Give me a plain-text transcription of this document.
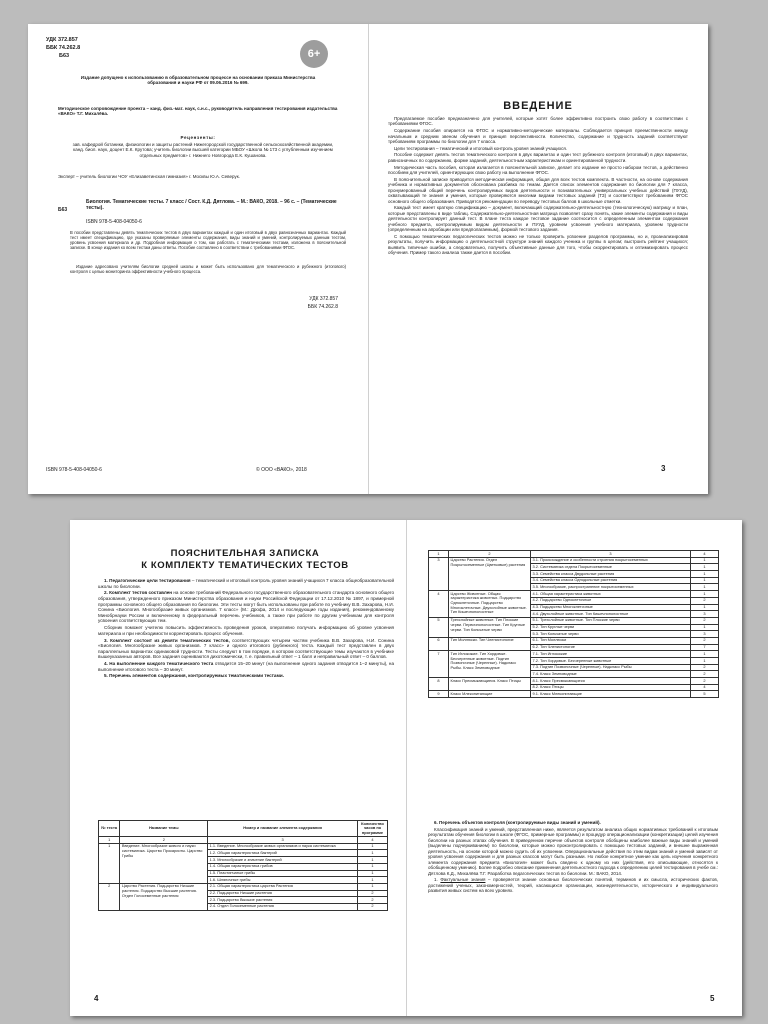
УДК 372.857
ББК 74.262.8
Б63	6+
Издание допущено к использованию в образовательном процессе на основании приказа Министерства образования и науки РФ от 09.06.2016 № 699.
Методическое сопровождение проекта – канд. физ.-мат. наук, с.н.с., руководитель направления тестирования издательства «ВАКО» Т.Г. Михалёва.
Рецензенты:
зав. кафедрой ботаники, физиологии и защиты растений Нижегородской государственной сельскохозяйственной академии, канд. биол. наук, доцент Е.К. Крутова; учитель биологии высшей категории МБОУ «Школа № 173 с углубленным изучением отдельных предметов» г. Нижнего Новгорода Е.К. Кушанова.
Эксперт – учитель биологии ЧОУ «Елизаветинская гимназия» г. Москвы Ю.А. Северук.
Биология. Тематические тесты. 7 класс / Сост. К.Д. Дятлова. – М.: ВАКО, 2018. – 96 с. – (Тематические тесты).
Б63
ISBN 978-5-408-04050-6
В пособии представлены девять тематических тестов в двух вариантах каждый и один итоговый в двух равнозначных вариантах. Каждый тест имеет спецификацию, где указаны проверяемые элементы содержания, виды знаний и умений, контролируемых данным тестом, уровень усвоения материала и др. Подробная информация о том, как работать с тематическими тестами, изложена в пояснительной записке. В конце издания ко всем тестам даны ответы. Пособие составлено в соответствии с требованиями ФГОС.
Издание адресовано учителям биологии средней школы и может быть использовано для тематического и рубежного (итогового) контроля с целью мониторинга эффективности учебного процесса.
УДК 372.857
ББК 74.262.8
ISBN 978-5-408-04050-6	© ООО «ВАКО», 2018
ВВЕДЕНИЕ
Предлагаемое пособие предназначено для учителей, которые хотят более эффективно построить свою работу в соответствии с требованиями ФГОС.
Содержание пособия опирается на ФГОС и нормативно-методические материалы. Соблюдается принцип преемственности между начальным и средним звеном обучения и принцип перспективности. Количество, содержание и трудность заданий соответствуют требованиям программы по биологии для 7 класса.
Цели тестирования – тематический и итоговый контроль уровня знаний учащихся.
Пособие содержит девять тестов тематического контроля в двух вариантах и один тест рубежного контроля (итоговый) в двух вариантах, равнозначных по содержанию, форме заданий, деятельностным характеристикам и ориентированной трудности.
Методическая часть пособия, которая излагается в пояснительной записке, делает это издание не просто набором тестов, а действенно пособием для учителей, ориентирующих свою работу на выполнение ФГОС.
В пояснительной записке приводится методическая информация, общая для всех тестов комплекта. В частности, на основе содержания учебника и нормативных документов обоснована разбивка по темам. Дается список элементов содержания по биологии для 7 класса, пронумерованный общий перечень контролируемых видов деятельности и познавательных универсальных учебных действий (ПУУД), охватывающий те знания и умения, которые проверяются многими видами тестовых заданий (ТЗ) и соответствуют требованиям ФГОС основного общего образования. Приводятся рекомендации по переводу тестовых баллов в школьные отметки.
Каждый тест имеет краткую спецификацию – документ, включающий содержательно-деятельностную (технологическую) матрицу и план, которые представлены в виде таблиц. Содержательно-деятельностная матрица позволяет сразу понять, какие элементы содержания и виды деятельности контролирует данный тест. В плане теста каждое тестовое задание соотносится с определенным элементом содержания учебного предмета, контролируемым видом деятельности и ПУУД, уровнем усвоения учебного материала, уровнем трудности (определенным на апробации или предполагаемым), формой тестового задания.
С помощью тематических педагогических тестов можно не только проверить усвоение разделов программы, но и, проанализировав результаты, получить информацию о деятельностной структуре знаний каждого ученика и группы в целом; выстроить рейтинг учащихся; выявить типичные ошибки, а следовательно, получить объективные данные для того, чтобы скорректировать и оптимизировать процесс обучения. Пример такого анализа также дается в пособии.
3
ПОЯСНИТЕЛЬНАЯ ЗАПИСКА
К КОМПЛЕКТУ ТЕМАТИЧЕСКИХ ТЕСТОВ
1. Педагогические цели тестирования – тематический и итоговый контроль уровня знаний учащихся 7 класса общеобразовательной школы по биологии.
2. Комплект тестов составлен на основе требований Федерального государственного образовательного стандарта основного общего образования, утвержденного приказом Министерства образования и науки Российской Федерации от 17.12.2010 № 1897, и примерной программы основного общего образования по биологии. Эти тесты могут быть использованы при работе по учебнику В.В. Захарова, Н.И. Сонина «Биология. Многообразие живых организмов. 7 класс» (М.: Дрофа, 2014 и последующие годы издания), рекомендованному Минобрнауки России и включенному в федеральный перечень учебников, а также при работе по другим учебникам для контроля усвоения соответствующих тем.
Сборник поможет учителю повысить эффективность проведения уроков, оперативно получать информацию об уровне усвоения материала и при необходимости корректировать процесс обучения.
3. Комплект состоит из девяти тематических тестов, соответствующих четырем частям учебника В.В. Захарова, Н.И. Сонина «Биология. Многообразие живых организмов. 7 класс» и одного итогового (рубежного) теста. Каждый тест представлен в двух параллельных вариантах одинаковой трудности. Тесты следуют в том порядке, в котором соответствующие темы изучаются в учебнике вышеуказанных авторов. Все задания оцениваются дихотомически, т. е. правильный ответ – 1 балл и неправильный ответ – 0 баллов.
4. На выполнение каждого тематического теста отводится 15–20 минут (на выполнение одного задания отводится 1–2 минуты), на выполнение итогового теста – 30 минут.
5. Перечень элементов содержания, контролируемых тематическими тестами.
№ теста	Название темы	Номер и название элемента содержания	Количество часов по программе
1	2	3	4
1	Введение. Многообразие живого и науки систематика. Царство Прокариоты. Царство Грибы	1.1. Введение. Многообразие живых организмов и наука систематика	1
		1.2. Общая характеристика бактерий	1
		1.3. Многообразие и значение бактерий	1
		1.4. Общая характеристика грибов	1
		1.5. Пластинчатые грибы	1
		1.6. Шляпочные грибы	1
2	Царство Растения. Подцарство Низшие растения. Подцарство Высшие растения. Отдел Голосеменные растения	2.1. Общая характеристика царства Растения	1
		2.2. Подцарство Низшие растения	2
		2.3. Подцарство Высшие растения	2
		2.4. Отдел Голосеменные растения	2
4
1	2	3	4
3	Царство Растения. Отдел Покрытосеменные (Цветковые) растения	3.1. Происхождение и особенности строения покрытосеменных	1
		3.2. Систематика отдела Покрытосеменные	1
		3.3. Семейства класса Двудольные растения	1
		3.4. Семейства класса Однодольные растения	1
		3.5. Многообразие, распространение покрытосеменных	1
4	Царство Животные. Общая характеристика животных. Подцарство Одноклеточные. Подцарство Многоклеточные. Двухслойные животные. Тип Кишечнополостные	4.1. Общая характеристика животных	1
		4.2. Подцарство Одноклеточные	2
		4.3. Подцарство Многоклеточные	1
		4.4. Двухслойные животные. Тип Кишечнополостные	3
5	Трехслойные животные. Тип Плоские черви. Первичнополостные. Тип Круглые черви. Тип Кольчатые черви	5.1. Трехслойные животные. Тип Плоские черви	2
		5.2. Тип Круглые черви	1
		5.3. Тип Кольчатые черви	3
6	Тип Моллюски. Тип Членистоногие	6.1. Тип Моллюски	2
		6.2. Тип Членистоногие	7
7	Тип Иглокожие. Тип Хордовые. Бесчерепные животные. Подтип Позвоночные (Черепные). Надкласс Рыбы. Класс Земноводные	7.1. Тип Иглокожие	1
		7.2. Тип Хордовые. Бесчерепные животные	1
		7.3. Подтип Позвоночные (Черепные). Надкласс Рыбы	2
		7.4. Класс Земноводные	2
8	Класс Пресмыкающиеся. Класс Птицы	8.1. Класс Пресмыкающиеся	2
		8.2. Класс Птицы	4
9	Класс Млекопитающие	9.1. Класс Млекопитающие	5
6. Перечень объектов контроля (контролируемые виды знаний и умений).
Классификация знаний и умений, представленная ниже, является результатом анализа общих нормативных требований к итоговым результатам обучения биологии в школе (ФГОС, примерные программы) и процедур операционализации (конкретизации) целей изучения биологии на разных этапах обучения. В приведенном перечне объектов контроля обобщены наиболее важные виды знаний и умений (выделены подчеркиванием) по биологии, которые можно проконтролировать с помощью тестовых заданий, и внешне выраженная деятельность, на основе которой можно судить об их усвоении. Операциональные действия по этим видам знаний и умений зависят от уровня усвоения содержания и для разных классов могут быть разными. Но любое конкретное умение как цель изучения конкретного элемента содержания предмета «Биология» может быть сведено к одному из них (действия, его описывающие, относятся к обобщенному умению). Более подробно описание применения деятельностного подхода к определению целей тестирования в учебе см.: Дятлова К.Д., Михалёва Т.Г. Разработка педагогических тестов по биологии. М.: ВАКО, 2014.
1. Фактуальные знания – проверяется знание основных биологических понятий, терминов и их смысла, исторических фактов, достижений ученых, закономерностей, теорий, касающихся организации, жизнедеятельности, исторического и индивидуального развития живых систем на всех уровнях.
5
